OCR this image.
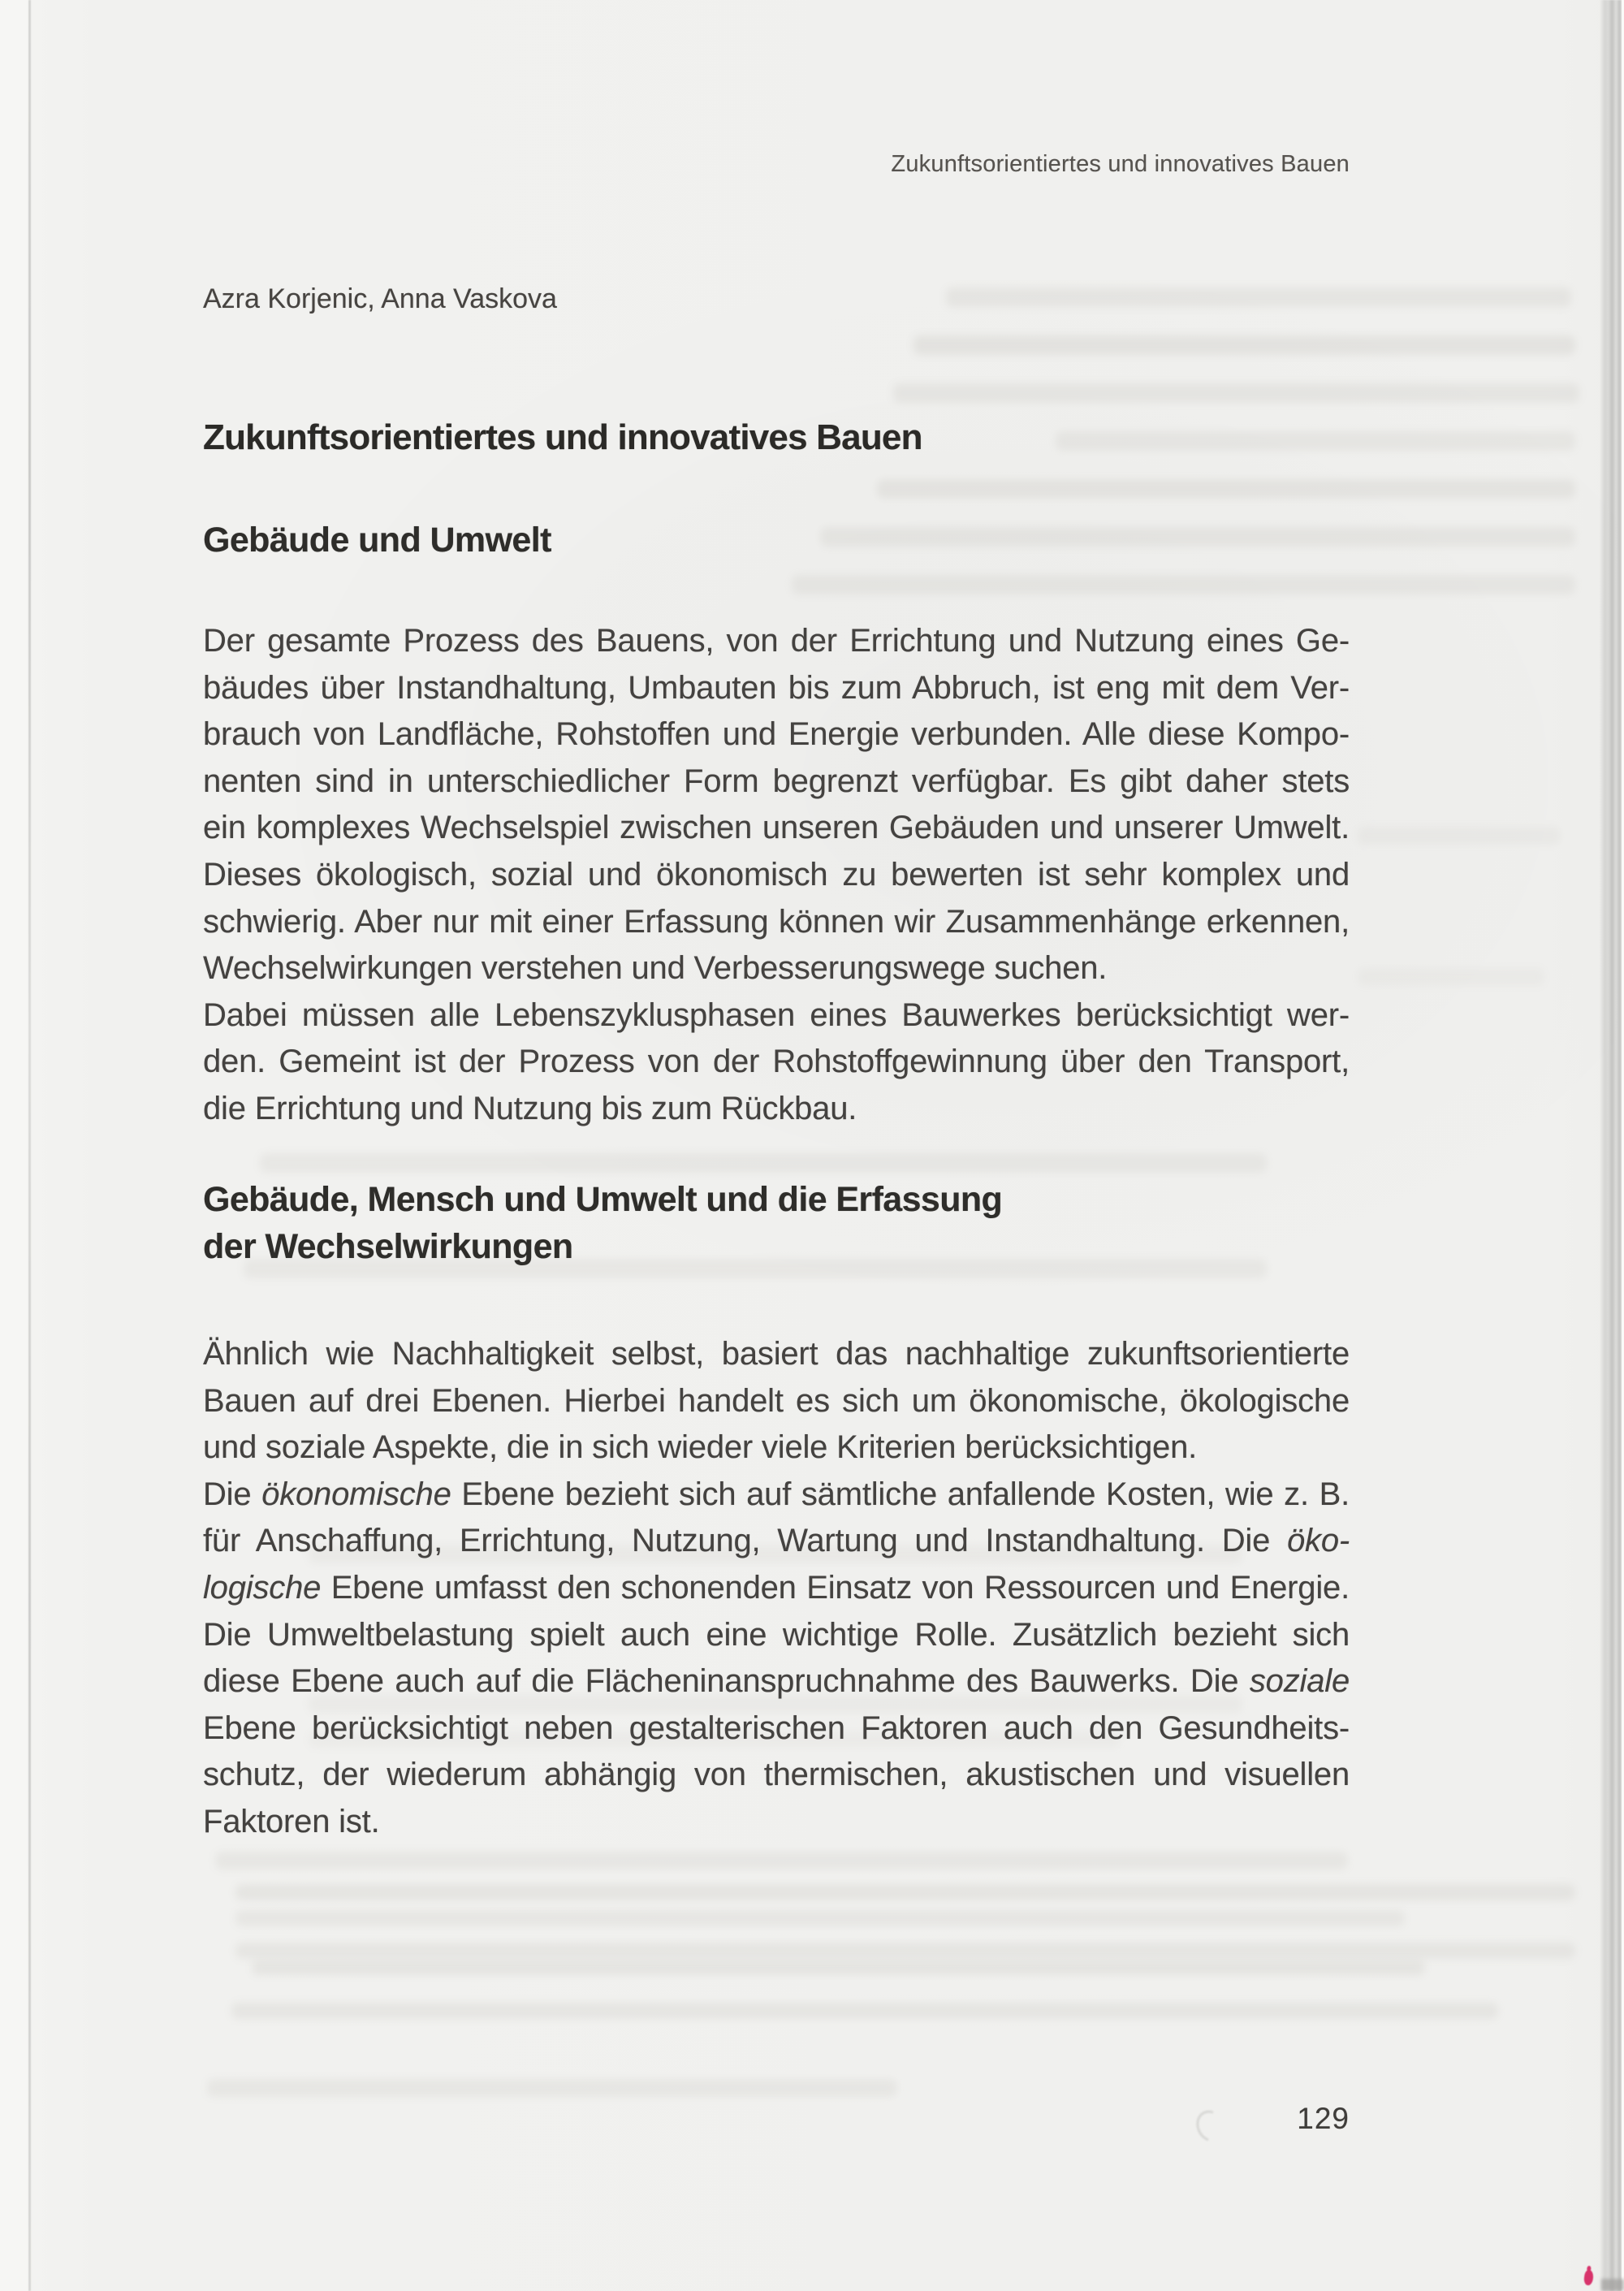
Zukunftsorientiertes und innovatives Bauen
Azra Korjenic, Anna Vaskova
Zukunftsorientiertes und innovatives Bauen
Gebäude und Umwelt
Der gesamte Prozess des Bauens, von der Errichtung und Nutzung eines Ge-
bäudes über Instandhaltung, Umbauten bis zum Abbruch, ist eng mit dem Ver-
brauch von Landfläche, Rohstoffen und Energie verbunden. Alle diese Kompo-
nenten sind in unterschiedlicher Form begrenzt verfügbar. Es gibt daher stets
ein komplexes Wechselspiel zwischen unseren Gebäuden und unserer Umwelt.
Dieses ökologisch, sozial und ökonomisch zu bewerten ist sehr komplex und
schwierig. Aber nur mit einer Erfassung können wir Zusammenhänge erkennen,
Wechselwirkungen verstehen und Verbesserungswege suchen.
Dabei müssen alle Lebenszyklusphasen eines Bauwerkes berücksichtigt wer-
den. Gemeint ist der Prozess von der Rohstoffgewinnung über den Transport,
die Errichtung und Nutzung bis zum Rückbau.
Gebäude, Mensch und Umwelt und die Erfassung
der Wechselwirkungen
Ähnlich wie Nachhaltigkeit selbst, basiert das nachhaltige zukunftsorientierte
Bauen auf drei Ebenen. Hierbei handelt es sich um ökonomische, ökologische
und soziale Aspekte, die in sich wieder viele Kriterien berücksichtigen.
Die ökonomische Ebene bezieht sich auf sämtliche anfallende Kosten, wie z. B.
für Anschaffung, Errichtung, Nutzung, Wartung und Instandhaltung. Die öko-
logische Ebene umfasst den schonenden Einsatz von Ressourcen und Energie.
Die Umweltbelastung spielt auch eine wichtige Rolle. Zusätzlich bezieht sich
diese Ebene auch auf die Flächeninanspruchnahme des Bauwerks. Die soziale
Ebene berücksichtigt neben gestalterischen Faktoren auch den Gesundheits-
schutz, der wiederum abhängig von thermischen, akustischen und visuellen
Faktoren ist.
129
